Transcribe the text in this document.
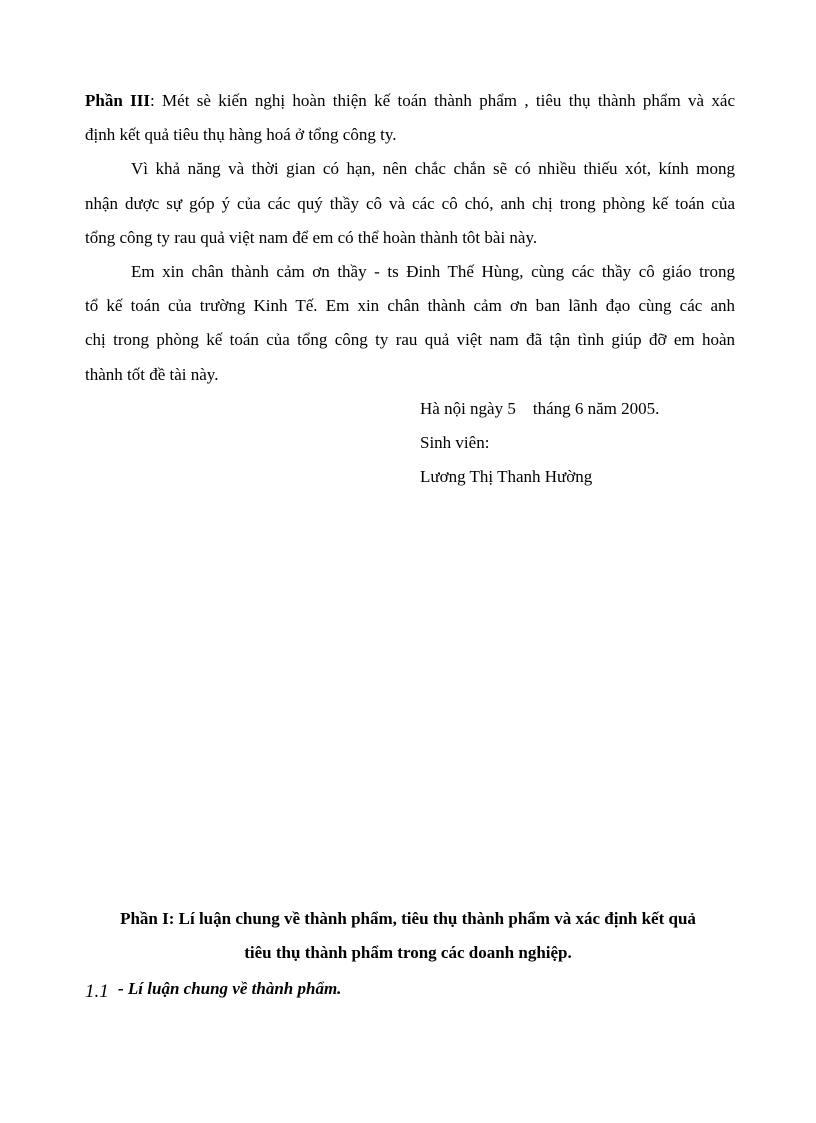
Phần III: Mét sè kiến nghị hoàn thiện kế toán thành phẩm , tiêu thụ thành phẩm và xác
định kết quả tiêu thụ hàng hoá ở tổng công ty.
Vì khả năng và thời gian có hạn, nên chắc chắn sẽ có nhiều thiếu xót, kính mong
nhận dược sự góp ý của các quý thầy cô và các cô chó, anh chị trong phòng kế toán của
tổng công ty rau quả việt nam để em có thể hoàn thành tôt bài này.
Em xin chân thành cảm ơn thầy - ts Đinh Thế Hùng, cùng các thầy cô giáo trong
tổ kế toán của trường Kinh Tế. Em xin chân thành cảm ơn ban lãnh đạo cùng các anh
chị trong phòng kế toán của tổng công ty rau quả việt nam đã tận tình giúp đỡ em hoàn
thành tốt đề tài này.
Hà nội ngày 5    tháng 6 năm 2005.
Sinh viên:
Lương Thị Thanh Hường
Phần I: Lí luận chung về thành phẩm, tiêu thụ thành phẩm và xác định kết quả
tiêu thụ thành phẩm trong các doanh nghiệp.
1.1 - Lí luận chung về thành phẩm.
